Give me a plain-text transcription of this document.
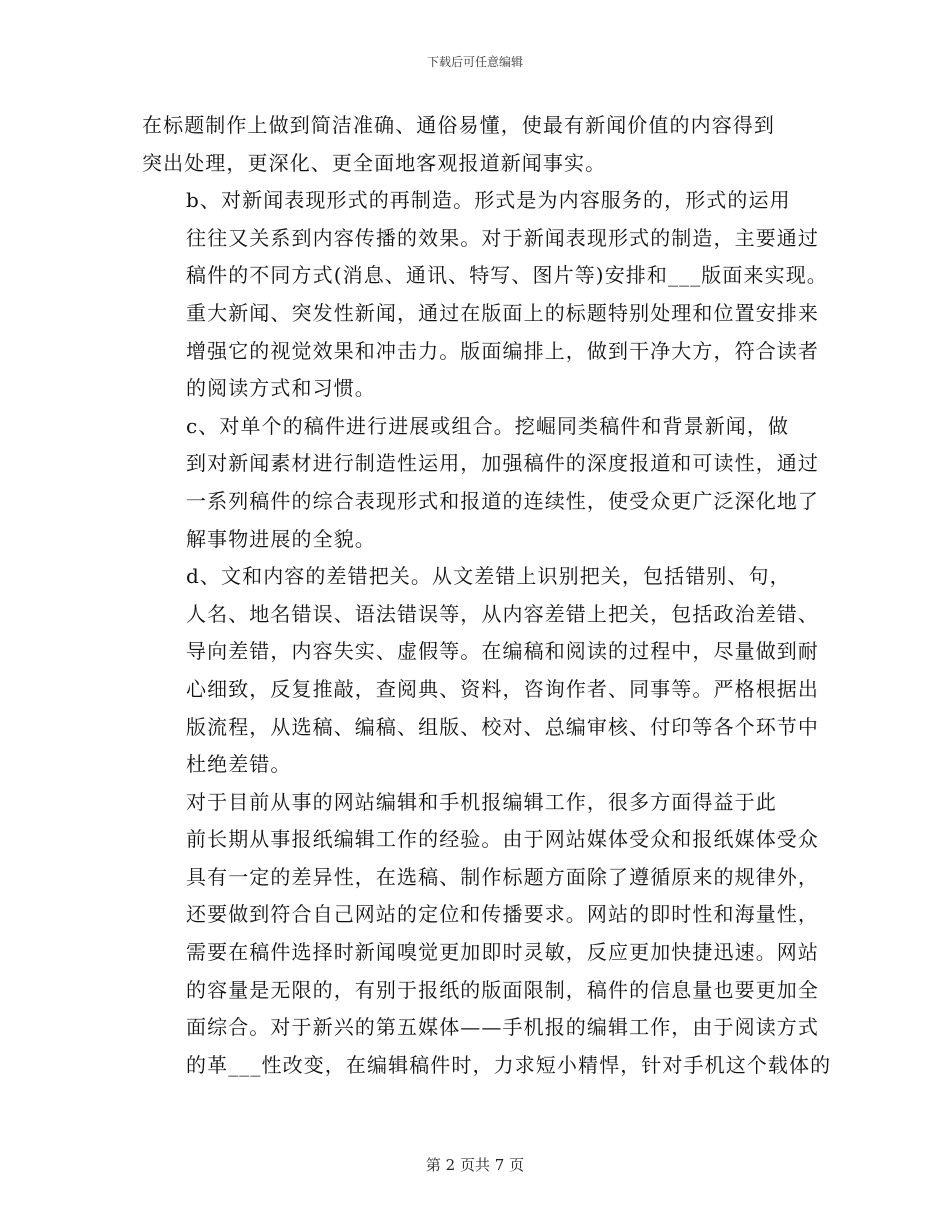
下载后可任意编辑

在标题制作上做到简洁准确、通俗易懂，使最有新闻价值的内容得到
突出处理，更深化、更全面地客观报道新闻事实。

b、对新闻表现形式的再制造。形式是为内容服务的，形式的运用
往往又关系到内容传播的效果。对于新闻表现形式的制造，主要通过
稿件的不同方式(消息、通讯、特写、图片等)安排和___版面来实现。
重大新闻、突发性新闻，通过在版面上的标题特别处理和位置安排来
增强它的视觉效果和冲击力。版面编排上，做到干净大方，符合读者
的阅读方式和习惯。

c、对单个的稿件进行进展或组合。挖崛同类稿件和背景新闻，做
到对新闻素材进行制造性运用，加强稿件的深度报道和可读性，通过
一系列稿件的综合表现形式和报道的连续性，使受众更广泛深化地了
解事物进展的全貌。

d、文和内容的差错把关。从文差错上识别把关，包括错别、句，
人名、地名错误、语法错误等，从内容差错上把关，包括政治差错、
导向差错，内容失实、虚假等。在编稿和阅读的过程中，尽量做到耐
心细致，反复推敲，查阅典、资料，咨询作者、同事等。严格根据出
版流程，从选稿、编稿、组版、校对、总编审核、付印等各个环节中
杜绝差错。

对于目前从事的网站编辑和手机报编辑工作，很多方面得益于此
前长期从事报纸编辑工作的经验。由于网站媒体受众和报纸媒体受众
具有一定的差异性，在选稿、制作标题方面除了遵循原来的规律外，
还要做到符合自己网站的定位和传播要求。网站的即时性和海量性，
需要在稿件选择时新闻嗅觉更加即时灵敏，反应更加快捷迅速。网站
的容量是无限的，有别于报纸的版面限制，稿件的信息量也要更加全
面综合。对于新兴的第五媒体——手机报的编辑工作，由于阅读方式
的革___性改变，在编辑稿件时，力求短小精悍，针对手机这个载体的

第 2 页共 7 页
